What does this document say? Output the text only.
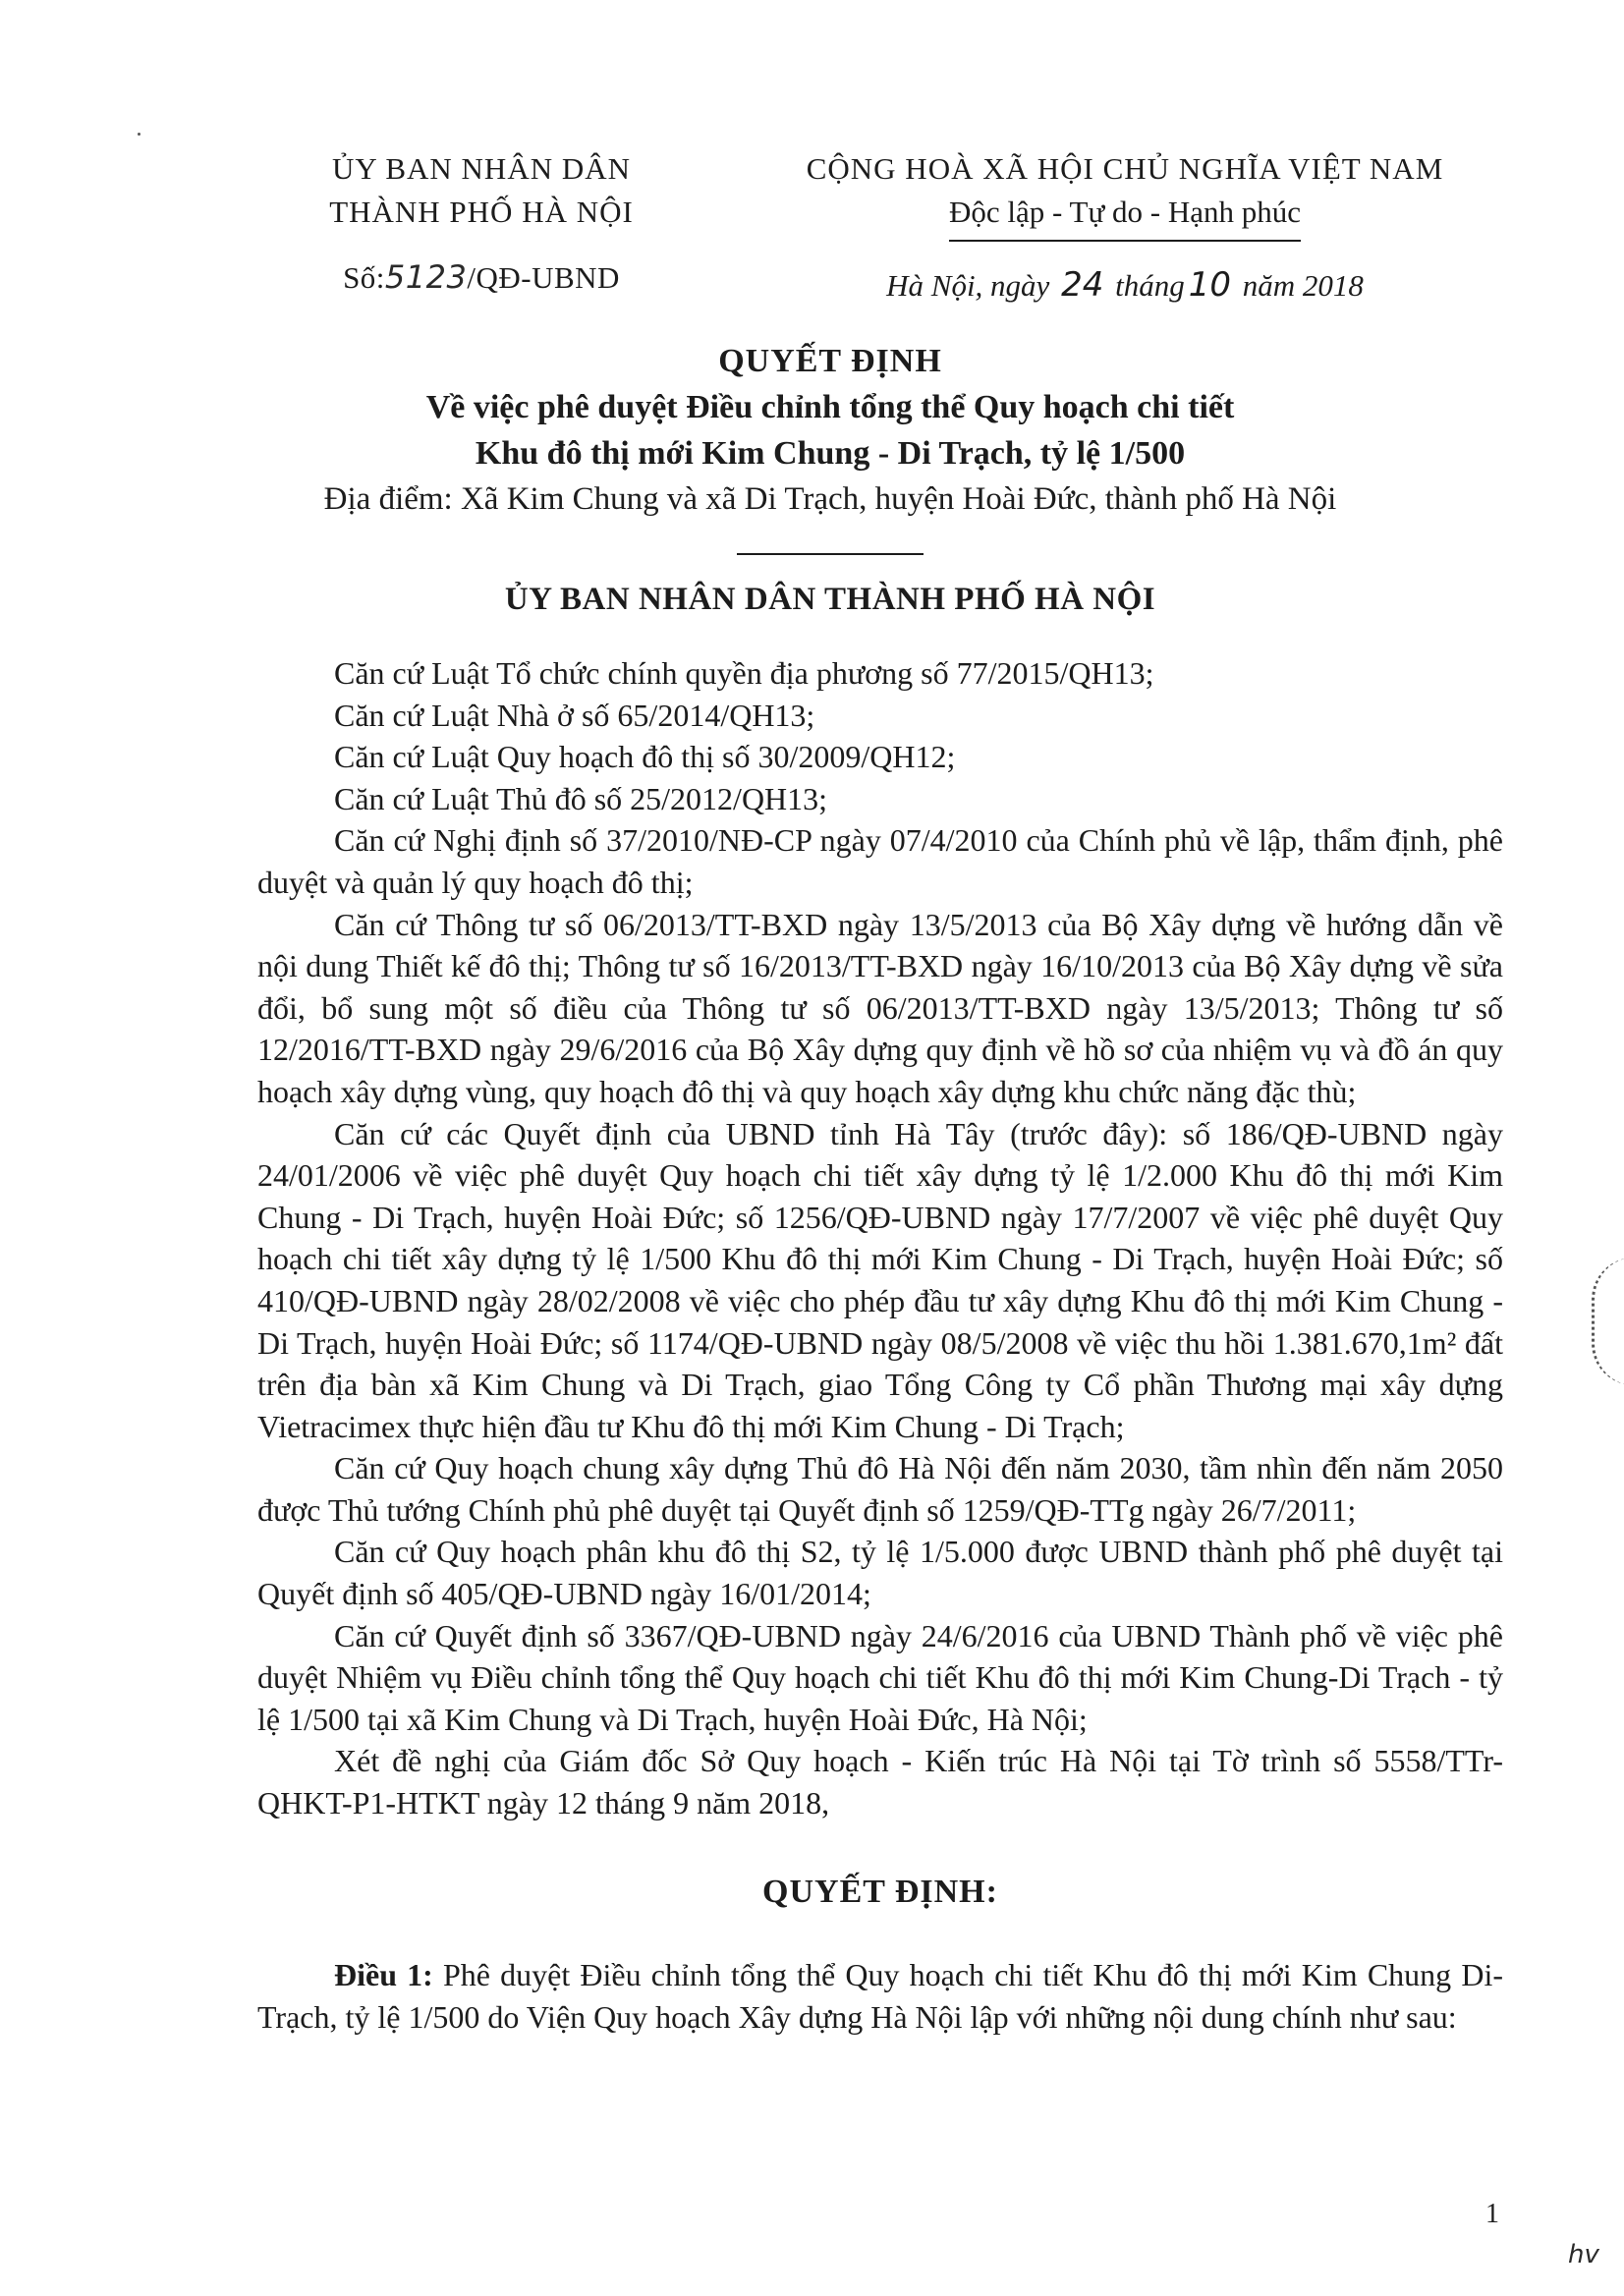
ỦY BAN NHÂN DÂN
THÀNH PHỐ HÀ NỘI
Số:5123/QĐ-UBND
CỘNG HOÀ XÃ HỘI CHỦ NGHĨA VIỆT NAM
Độc lập - Tự do - Hạnh phúc
Hà Nội, ngày 24 tháng 10 năm 2018
QUYẾT ĐỊNH
Về việc phê duyệt Điều chỉnh tổng thể Quy hoạch chi tiết
Khu đô thị mới Kim Chung - Di Trạch, tỷ lệ 1/500
Địa điểm: Xã Kim Chung và xã Di Trạch, huyện Hoài Đức, thành phố Hà Nội
ỦY BAN NHÂN DÂN THÀNH PHỐ HÀ NỘI

Căn cứ Luật Tổ chức chính quyền địa phương số 77/2015/QH13;

Căn cứ Luật Nhà ở số 65/2014/QH13;

Căn cứ Luật Quy hoạch đô thị số 30/2009/QH12;

Căn cứ Luật Thủ đô số 25/2012/QH13;

Căn cứ Nghị định số 37/2010/NĐ-CP ngày 07/4/2010 của Chính phủ về lập, thẩm định, phê duyệt và quản lý quy hoạch đô thị;

Căn cứ Thông tư số 06/2013/TT-BXD ngày 13/5/2013 của Bộ Xây dựng về hướng dẫn về nội dung Thiết kế đô thị; Thông tư số 16/2013/TT-BXD ngày 16/10/2013 của Bộ Xây dựng về sửa đổi, bổ sung một số điều của Thông tư số 06/2013/TT-BXD ngày 13/5/2013; Thông tư số 12/2016/TT-BXD ngày 29/6/2016 của Bộ Xây dựng quy định về hồ sơ của nhiệm vụ và đồ án quy hoạch xây dựng vùng, quy hoạch đô thị và quy hoạch xây dựng khu chức năng đặc thù;

Căn cứ các Quyết định của UBND tỉnh Hà Tây (trước đây): số 186/QĐ-UBND ngày 24/01/2006 về việc phê duyệt Quy hoạch chi tiết xây dựng tỷ lệ 1/2.000 Khu đô thị mới Kim Chung - Di Trạch, huyện Hoài Đức; số 1256/QĐ-UBND ngày 17/7/2007 về việc phê duyệt Quy hoạch chi tiết xây dựng tỷ lệ 1/500 Khu đô thị mới Kim Chung - Di Trạch, huyện Hoài Đức; số 410/QĐ-UBND ngày 28/02/2008 về việc cho phép đầu tư xây dựng Khu đô thị mới Kim Chung - Di Trạch, huyện Hoài Đức; số 1174/QĐ-UBND ngày 08/5/2008 về việc thu hồi 1.381.670,1m² đất trên địa bàn xã Kim Chung và Di Trạch, giao Tổng Công ty Cổ phần Thương mại xây dựng Vietracimex thực hiện đầu tư Khu đô thị mới Kim Chung - Di Trạch;

Căn cứ Quy hoạch chung xây dựng Thủ đô Hà Nội đến năm 2030, tầm nhìn đến năm 2050 được Thủ tướng Chính phủ phê duyệt tại Quyết định số 1259/QĐ-TTg ngày 26/7/2011;

Căn cứ Quy hoạch phân khu đô thị S2, tỷ lệ 1/5.000 được UBND thành phố phê duyệt tại Quyết định số 405/QĐ-UBND ngày 16/01/2014;

Căn cứ Quyết định số 3367/QĐ-UBND ngày 24/6/2016 của UBND Thành phố về việc phê duyệt Nhiệm vụ Điều chỉnh tổng thể Quy hoạch chi tiết Khu đô thị mới Kim Chung-Di Trạch - tỷ lệ 1/500 tại xã Kim Chung và Di Trạch, huyện Hoài Đức, Hà Nội;

Xét đề nghị của Giám đốc Sở Quy hoạch - Kiến trúc Hà Nội tại Tờ trình số 5558/TTr-QHKT-P1-HTKT ngày 12 tháng 9 năm 2018,

QUYẾT ĐỊNH:

Điều 1: Phê duyệt Điều chỉnh tổng thể Quy hoạch chi tiết Khu đô thị mới Kim Chung Di-Trạch, tỷ lệ 1/500 do Viện Quy hoạch Xây dựng Hà Nội lập với những nội dung chính như sau:

1
hv
